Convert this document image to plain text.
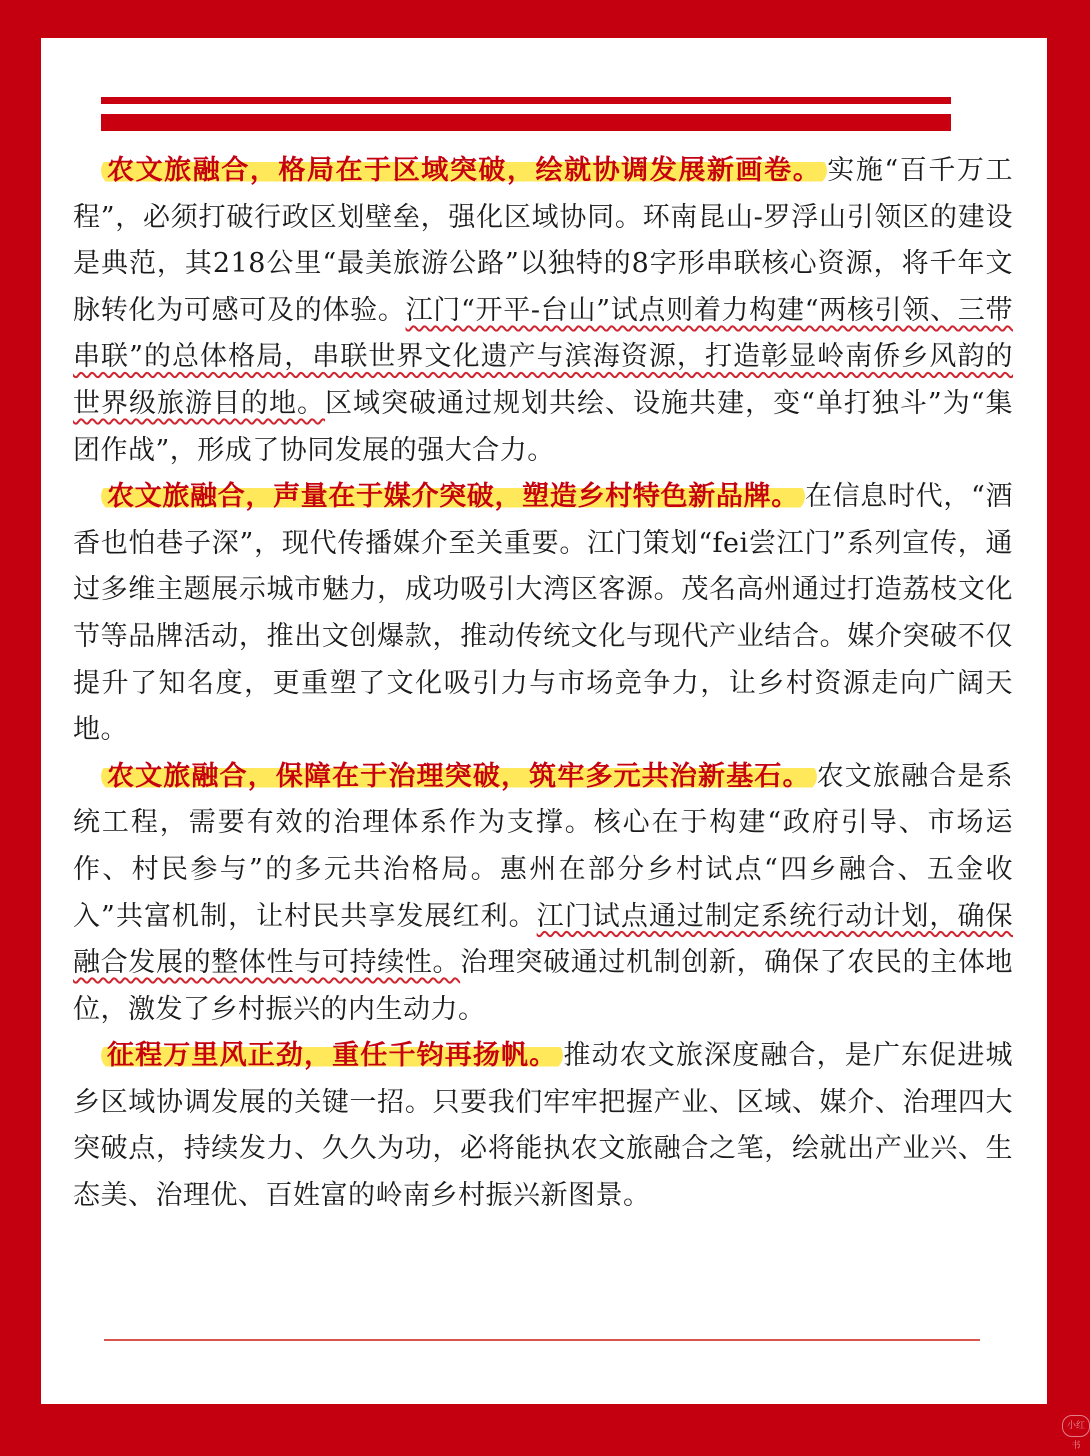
农文旅融合，格局在于区域突破，绘就协调发展新画卷。 实施“百千万工程”，必须打破行政区划壁垒，强化区域协同。环南昆山-罗浮山引领区的建设是典范，其218公里“最美旅游公路”以独特的8字形串联核心资源，将千年文脉转化为可感可及的体验。江门“开平-台山”试点则着力构建“两核引领、三带串联”的总体格局，串联世界文化遗产与滨海资源，打造彰显岭南侨乡风韵的世界级旅游目的地。区域突破通过规划共绘、设施共建，变“单打独斗”为“集团作战”，形成了协同发展的强大合力。

农文旅融合，声量在于媒介突破，塑造乡村特色新品牌。 在信息时代，“酒香也怕巷子深”，现代传播媒介至关重要。江门策划“fei尝江门”系列宣传，通过多维主题展示城市魅力，成功吸引大湾区客源。茂名高州通过打造荔枝文化节等品牌活动，推出文创爆款，推动传统文化与现代产业结合。媒介突破不仅提升了知名度，更重塑了文化吸引力与市场竞争力，让乡村资源走向广阔天地。

农文旅融合，保障在于治理突破，筑牢多元共治新基石。 农文旅融合是系统工程，需要有效的治理体系作为支撑。核心在于构建“政府引导、市场运作、村民参与”的多元共治格局。惠州在部分乡村试点“四乡融合、五金收入”共富机制，让村民共享发展红利。江门试点通过制定系统行动计划，确保融合发展的整体性与可持续性。治理突破通过机制创新，确保了农民的主体地位，激发了乡村振兴的内生动力。

征程万里风正劲，重任千钧再扬帆。 推动农文旅深度融合，是广东促进城乡区域协调发展的关键一招。只要我们牢牢把握产业、区域、媒介、治理四大突破点，持续发力、久久为功，必将能执农文旅融合之笔，绘就出产业兴、生态美、治理优、百姓富的岭南乡村振兴新图景。

小红书
